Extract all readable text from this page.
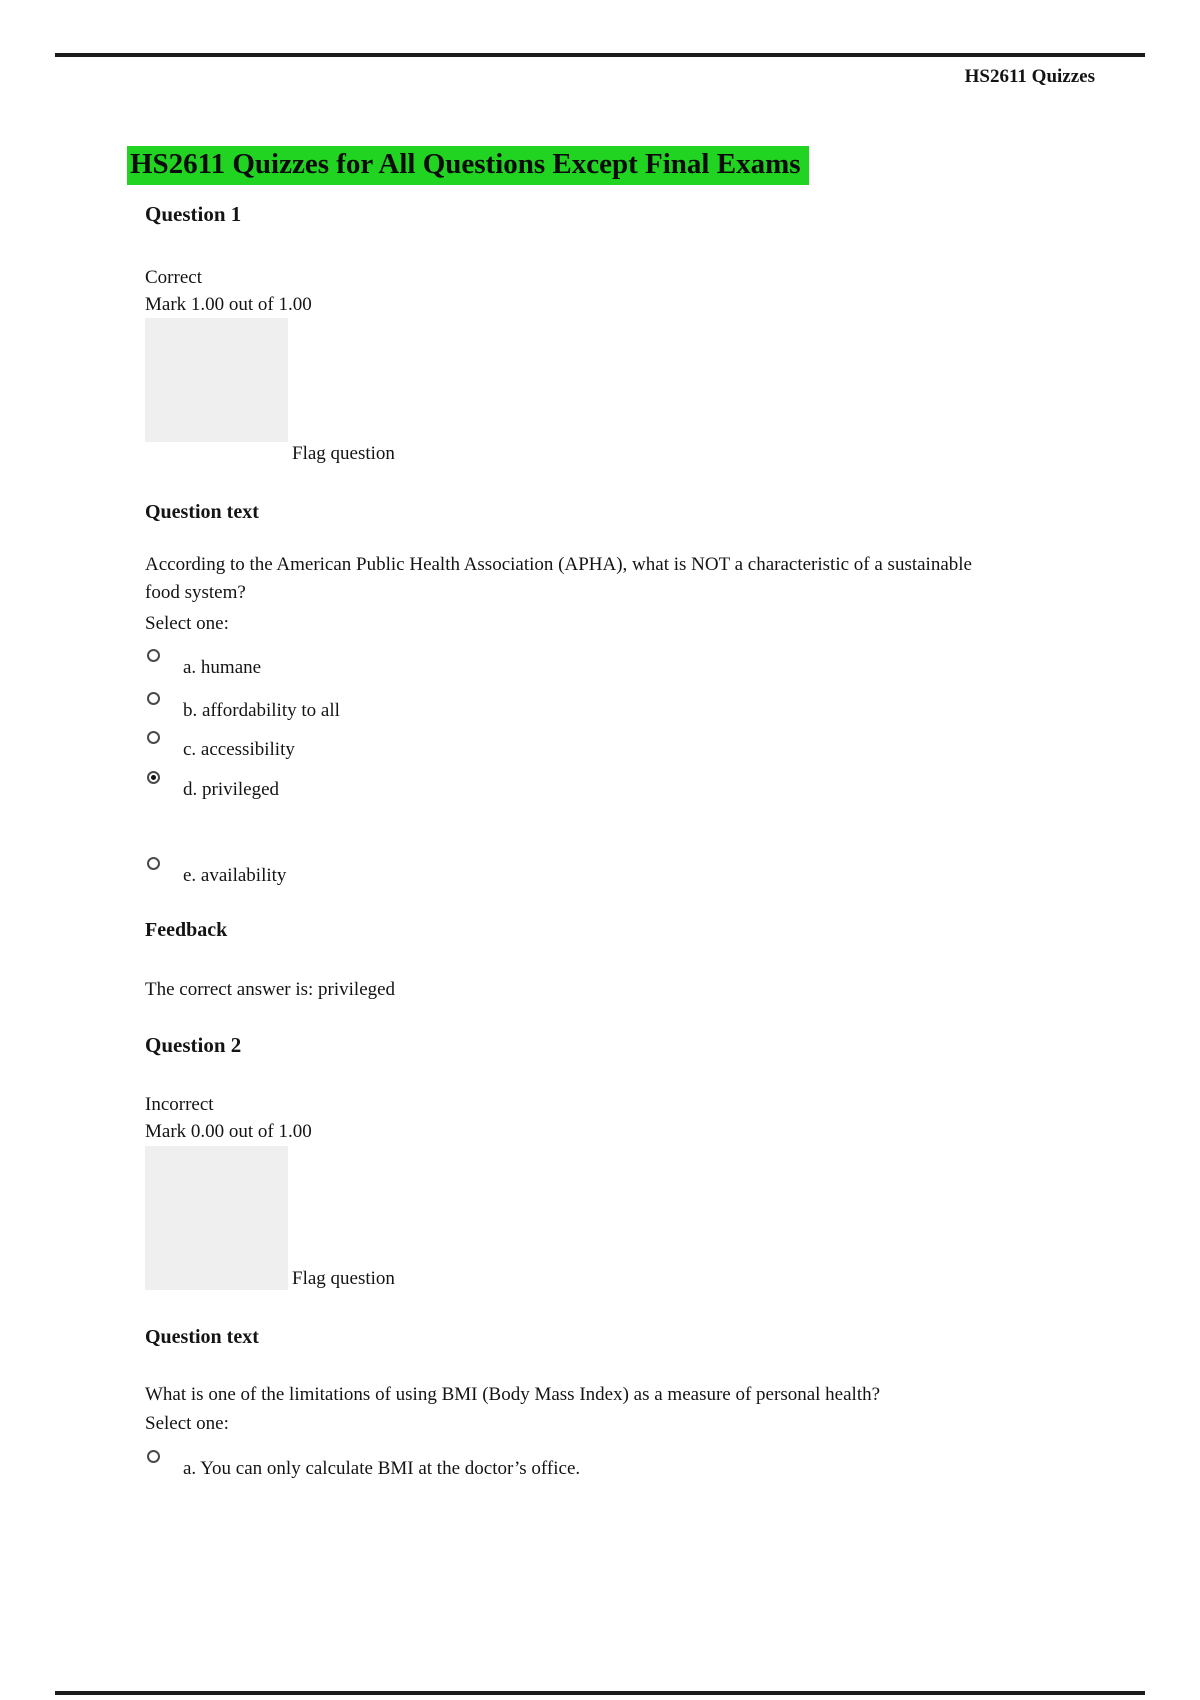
HS2611 Quizzes
HS2611 Quizzes for All Questions Except Final Exams
Question 1
Correct
Mark 1.00 out of 1.00
Flag question
Question text
According to the American Public Health Association (APHA), what is NOT a characteristic of a sustainable food system?
Select one:
a. humane
b. affordability to all
c. accessibility
d. privileged
e. availability
Feedback
The correct answer is: privileged
Question 2
Incorrect
Mark 0.00 out of 1.00
Flag question
Question text
What is one of the limitations of using BMI (Body Mass Index) as a measure of personal health?
Select one:
a. You can only calculate BMI at the doctor’s office.
